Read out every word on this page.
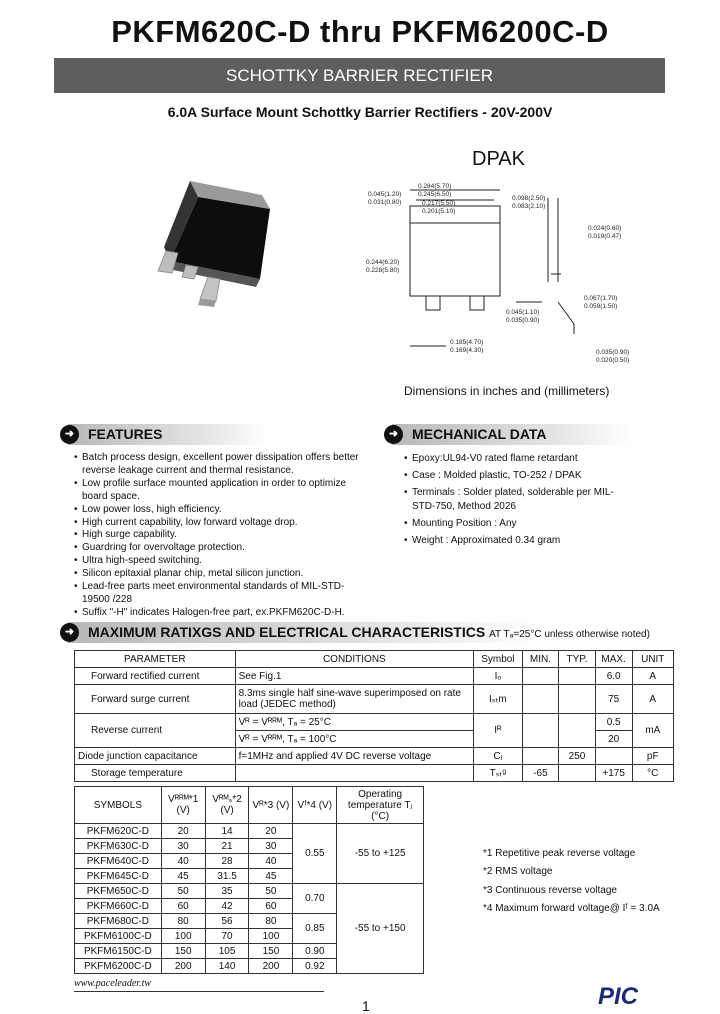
PKFM620C-D thru PKFM6200C-D
SCHOTTKY BARRIER RECTIFIER
6.0A Surface Mount Schottky Barrier Rectifiers - 20V-200V
DPAK
0.284(5.70)
0.245(6.50)
0.217(5.50)
0.201(5.10)
0.045(1.20)
0.031(0.80)
0.098(2.50)
0.083(2.10)
0.024(0.60)
0.019(0.47)
0.244(6.20)
0.228(5.80)
0.067(1.70)
0.059(1.50)
0.045(1.10)
0.035(0.90)
0.185(4.70)
0.169(4.30)	0.035(0.90)
0.020(0.50)
Dimensions in inches and (millimeters)
➜ FEATURES
• Batch process design, excellent power dissipation offers better reverse leakage current and thermal resistance.
• Low profile surface mounted application in order to optimize board space.
• Low power loss, high efficiency.
• High current capability, low forward voltage drop.
• High surge capability.
• Guardring for overvoltage protection.
• Ultra high-speed switching.
• Silicon epitaxial planar chip, metal silicon junction.
• Lead-free parts meet environmental standards of MIL-STD-19500 /228
• Suffix "-H" indicates Halogen-free part, ex.PKFM620C-D-H.
➜ MECHANICAL DATA
• Epoxy:UL94-V0 rated flame retardant
• Case : Molded plastic, TO-252 / DPAK
• Terminals : Solder plated, solderable per MIL-STD-750, Method 2026
• Mounting Position : Any
• Weight : Approximated 0.34 gram
➜ MAXIMUM RATIXGS AND ELECTRICAL CHARACTERISTICS AT Tₐ=25°C unless otherwise noted)
PARAMETER	CONDITIONS	Symbol	MIN.	TYP.	MAX.	UNIT
Forward rectified current	See Fig.1	Iₒ			6.0	A
Forward surge current	8.3ms single half sine-wave superimposed on rate load (JEDEC method)	Iₛₜm			75	A
Reverse current	Vᴿ = Vᴿᴿᴹ, Tₐ = 25°C	Iᴿ			0.5	mA
	Vᴿ = Vᴿᴿᴹ, Tₐ = 100°C				20	
Diode junction capacitance	f=1MHz and applied 4V DC reverse voltage	Cⱼ		250		pF
Storage temperature		Tₛₜᵍ	-65		+175	°C
SYMBOLS	Vᴿᴿᴹ*1 (V)	Vᴿᴹₛ*2 (V)	Vᴿ*3 (V)	Vᶠ*4 (V)	Operating temperature Tⱼ (°C)
PKFM620C-D	20	14	20	0.55	-55 to +125
PKFM630C-D	30	21	30		
PKFM640C-D	40	28	40		
PKFM645C-D	45	31.5	45		
PKFM650C-D	50	35	50	0.70	-55 to +150
PKFM660C-D	60	42	60		
PKFM680C-D	80	56	80	0.85	
PKFM6100C-D	100	70	100		
PKFM6150C-D	150	105	150	0.90	
PKFM6200C-D	200	140	200	0.92	
*1 Repetitive peak reverse voltage
*2 RMS voltage
*3 Continuous reverse voltage
*4 Maximum forward voltage@ Iᶠ = 3.0A
www.paceleader.tw
1	PIC
